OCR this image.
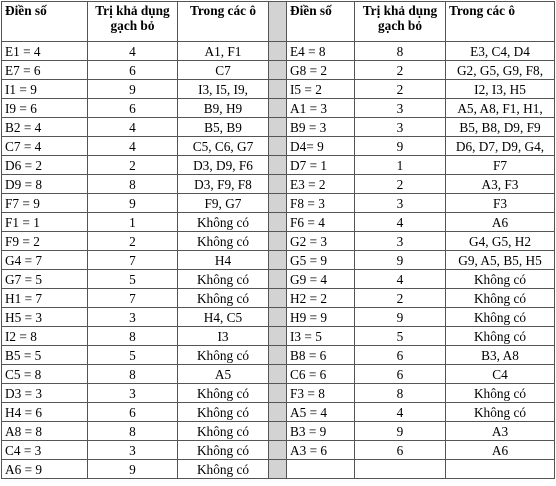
Điền số	Trị khả dụng gạch bỏ	Trong các ô		Điền số	Trị khả dụng gạch bỏ	Trong các ô
E1 = 4	4	A1, F1		E4 = 8	8	E3, C4, D4
E7 = 6	6	C7		G8 = 2	2	G2, G5, G9, F8,
I1 = 9	9	I3, I5, I9,		I5 = 2	2	I2, I3, H5
I9 = 6	6	B9, H9		A1 = 3	3	A5, A8, F1, H1,
B2 = 4	4	B5, B9		B9 = 3	3	B5, B8, D9, F9
C7 = 4	4	C5, C6, G7		D4= 9	9	D6, D7, D9, G4,
D6 = 2	2	D3, D9, F6		D7 = 1	1	F7
D9 = 8	8	D3, F9, F8		E3 = 2	2	A3, F3
F7 = 9	9	F9, G7		F8 = 3	3	F3
F1 = 1	1	Không có		F6 = 4	4	A6
F9 = 2	2	Không có		G2 = 3	3	G4, G5, H2
G4 = 7	7	H4		G5 = 9	9	G9, A5, B5, H5
G7 = 5	5	Không có		G9 = 4	4	Không có
H1 = 7	7	Không có		H2 = 2	2	Không có
H5 = 3	3	H4, C5		H9 = 9	9	Không có
I2 = 8	8	I3		I3 = 5	5	Không có
B5 = 5	5	Không có		B8 = 6	6	B3, A8
C5 = 8	8	A5		C6 = 6	6	C4
D3 = 3	3	Không có		F3 = 8	8	Không có
H4 = 6	6	Không có		A5 = 4	4	Không có
A8 = 8	8	Không có		B3 = 9	9	A3
C4 = 3	3	Không có		A3 = 6	6	A6
A6 = 9	9	Không có				
